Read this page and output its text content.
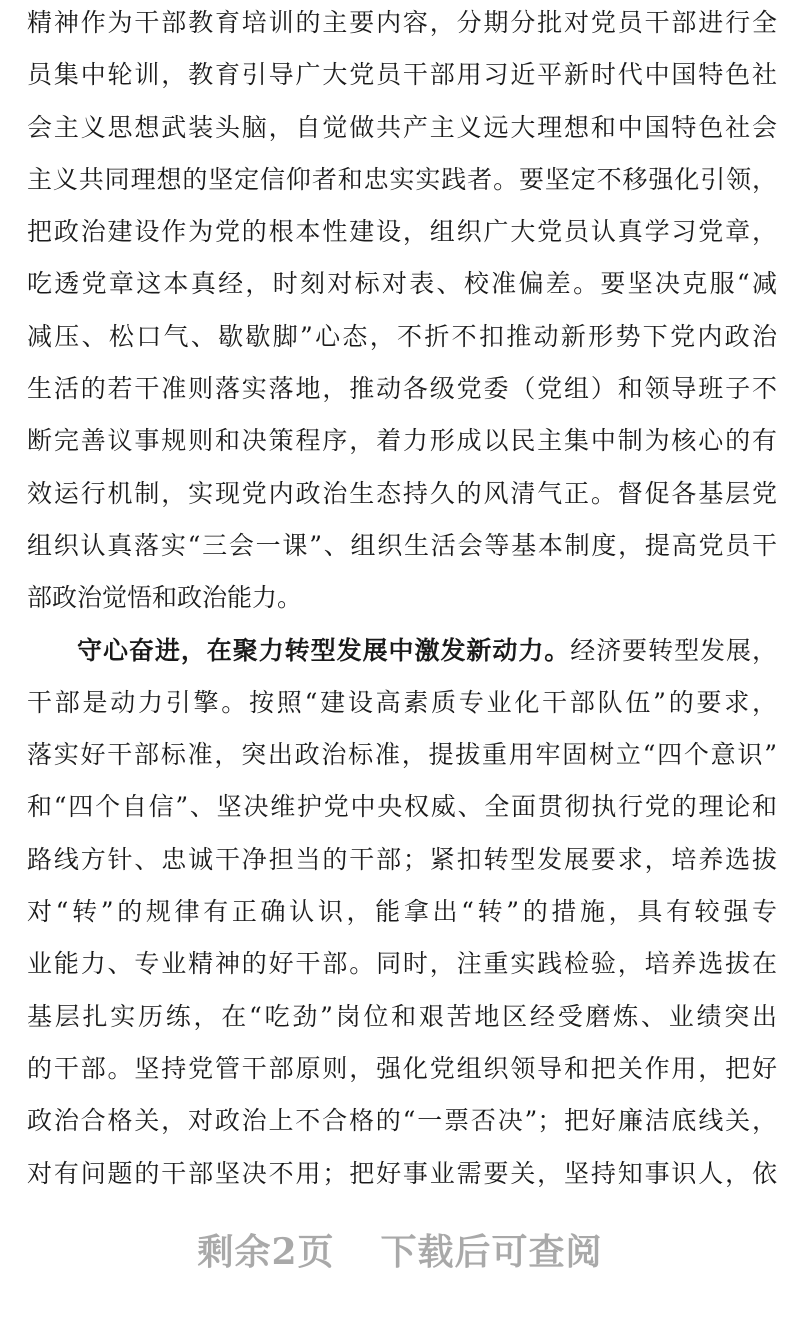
精神作为干部教育培训的主要内容，分期分批对党员干部进行全
员集中轮训，教育引导广大党员干部用习近平新时代中国特色社
会主义思想武装头脑，自觉做共产主义远大理想和中国特色社会
主义共同理想的坚定信仰者和忠实实践者。要坚定不移强化引领，
把政治建设作为党的根本性建设，组织广大党员认真学习党章，
吃透党章这本真经，时刻对标对表、校准偏差。要坚决克服“减
减压、松口气、歇歇脚”心态，不折不扣推动新形势下党内政治
生活的若干准则落实落地，推动各级党委（党组）和领导班子不
断完善议事规则和决策程序，着力形成以民主集中制为核心的有
效运行机制，实现党内政治生态持久的风清气正。督促各基层党
组织认真落实“三会一课”、组织生活会等基本制度，提高党员干
部政治觉悟和政治能力。
守心奋进，在聚力转型发展中激发新动力。经济要转型发展，
干部是动力引擎。按照“建设高素质专业化干部队伍”的要求，
落实好干部标准，突出政治标准，提拔重用牢固树立“四个意识”
和“四个自信”、坚决维护党中央权威、全面贯彻执行党的理论和
路线方针、忠诚干净担当的干部；紧扣转型发展要求，培养选拔
对“转”的规律有正确认识，能拿出“转”的措施，具有较强专
业能力、专业精神的好干部。同时，注重实践检验，培养选拔在
基层扎实历练，在“吃劲”岗位和艰苦地区经受磨炼、业绩突出
的干部。坚持党管干部原则，强化党组织领导和把关作用，把好
政治合格关，对政治上不合格的“一票否决”；把好廉洁底线关，
对有问题的干部坚决不用；把好事业需要关，坚持知事识人，依
剩余2页 下载后可查阅
